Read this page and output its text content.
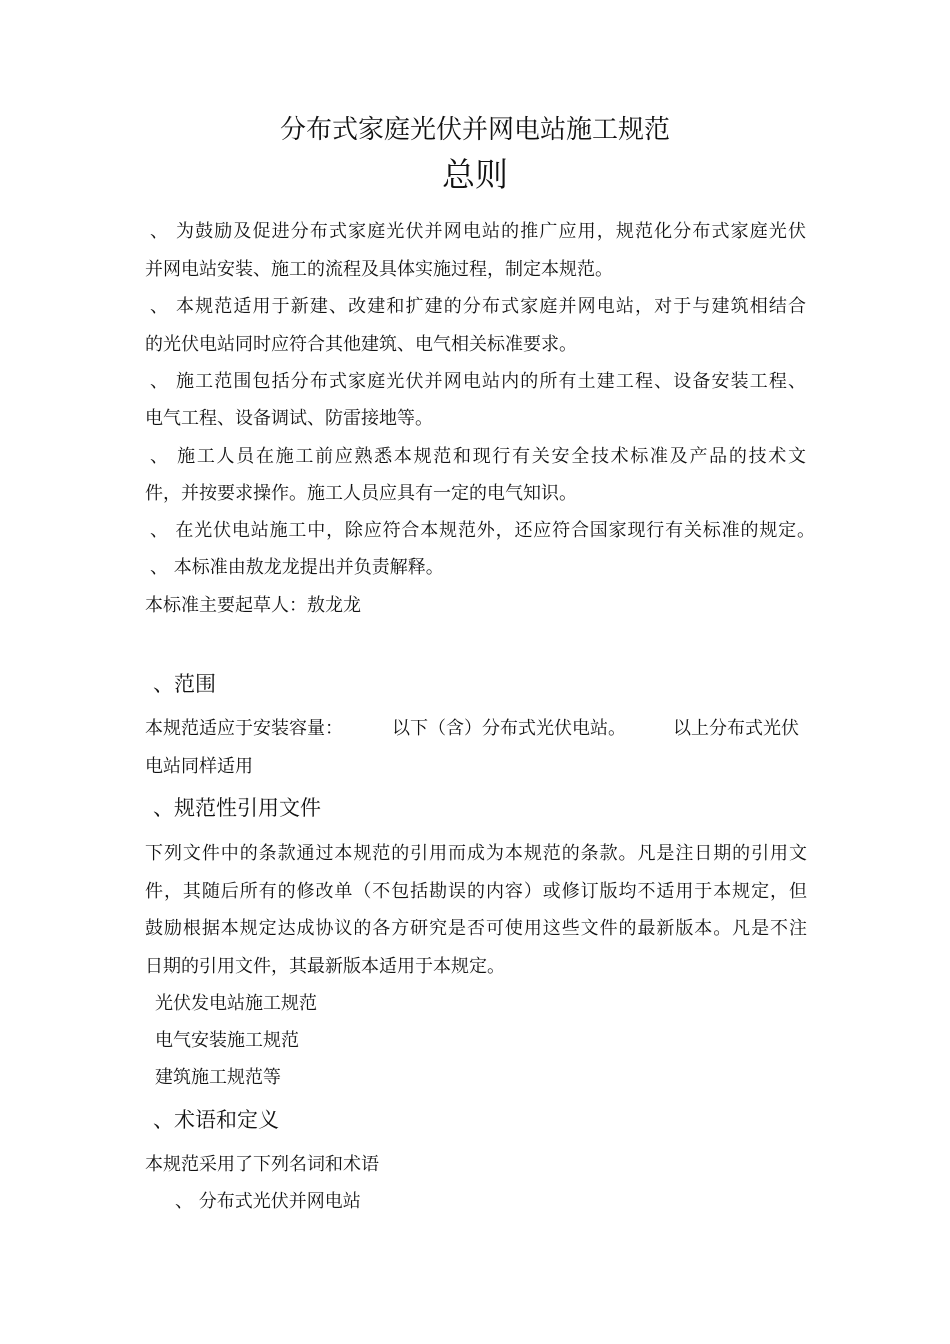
分布式家庭光伏并网电站施工规范
总则
、 为鼓励及促进分布式家庭光伏并网电站的推广应用，规范化分布式家庭光伏
并网电站安装、施工的流程及具体实施过程，制定本规范。
、 本规范适用于新建、改建和扩建的分布式家庭并网电站，对于与建筑相结合
的光伏电站同时应符合其他建筑、电气相关标准要求。
、 施工范围包括分布式家庭光伏并网电站内的所有土建工程、设备安装工程、
电气工程、设备调试、防雷接地等。
、 施工人员在施工前应熟悉本规范和现行有关安全技术标准及产品的技术文
件，并按要求操作。施工人员应具有一定的电气知识。
、 在光伏电站施工中，除应符合本规范外，还应符合国家现行有关标准的规定。
、 本标准由敖龙龙提出并负责解释。
本标准主要起草人：敖龙龙
、范围
本规范适应于安装容量：	以下（含）分布式光伏电站。	以上分布式光伏
电站同样适用
、规范性引用文件
下列文件中的条款通过本规范的引用而成为本规范的条款。凡是注日期的引用文
件，其随后所有的修改单（不包括勘误的内容）或修订版均不适用于本规定，但
鼓励根据本规定达成协议的各方研究是否可使用这些文件的最新版本。凡是不注
日期的引用文件，其最新版本适用于本规定。
光伏发电站施工规范
电气安装施工规范
建筑施工规范等
、术语和定义
本规范采用了下列名词和术语
、 分布式光伏并网电站
